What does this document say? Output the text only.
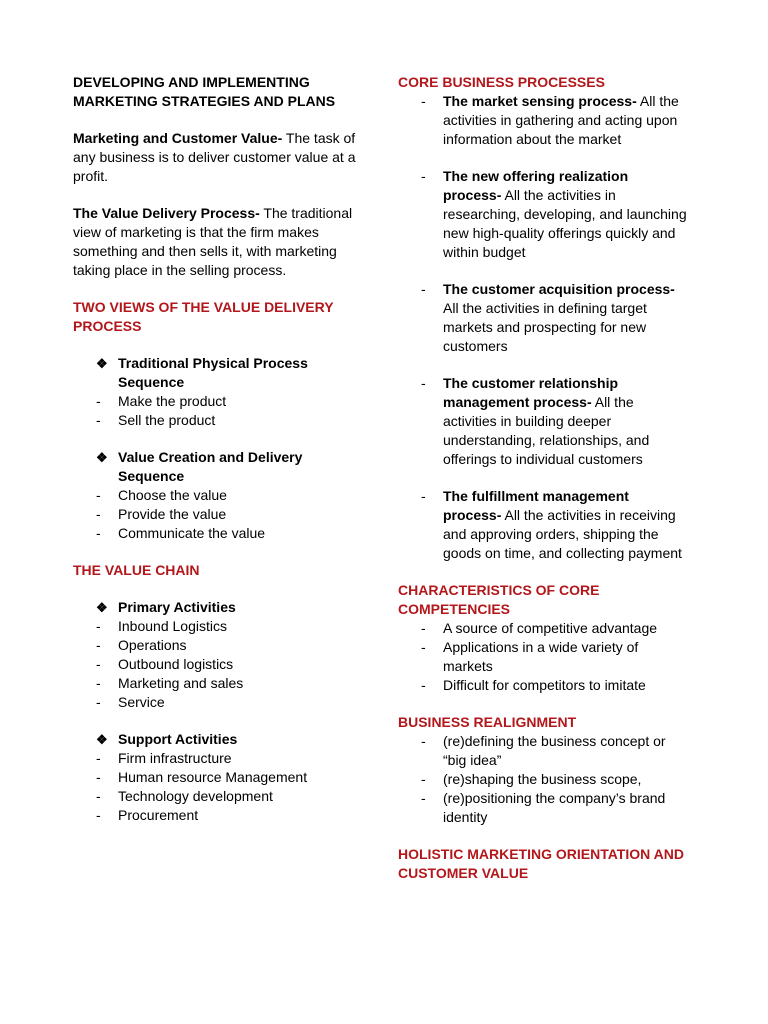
DEVELOPING AND IMPLEMENTING MARKETING STRATEGIES AND PLANS

Marketing and Customer Value- The task of any business is to deliver customer value at a profit.

The Value Delivery Process- The traditional view of marketing is that the firm makes something and then sells it, with marketing taking place in the selling process.

TWO VIEWS OF THE VALUE DELIVERY PROCESS

❖ Traditional Physical Process Sequence
- Make the product
- Sell the product
❖ Value Creation and Delivery Sequence
- Choose the value
- Provide the value
- Communicate the value

THE VALUE CHAIN

❖ Primary Activities
- Inbound Logistics
- Operations
- Outbound logistics
- Marketing and sales
- Service
❖ Support Activities
- Firm infrastructure
- Human resource Management
- Technology development
- Procurement

CORE BUSINESS PROCESSES

- The market sensing process- All the activities in gathering and acting upon information about the market
- The new offering realization process- All the activities in researching, developing, and launching new high-quality offerings quickly and within budget
- The customer acquisition process- All the activities in defining target markets and prospecting for new customers
- The customer relationship management process- All the activities in building deeper understanding, relationships, and offerings to individual customers
- The fulfillment management process- All the activities in receiving and approving orders, shipping the goods on time, and collecting payment

CHARACTERISTICS OF CORE COMPETENCIES

- A source of competitive advantage
- Applications in a wide variety of markets
- Difficult for competitors to imitate

BUSINESS REALIGNMENT

- (re)defining the business concept or “big idea”
- (re)shaping the business scope,
- (re)positioning the company’s brand identity

HOLISTIC MARKETING ORIENTATION AND CUSTOMER VALUE
